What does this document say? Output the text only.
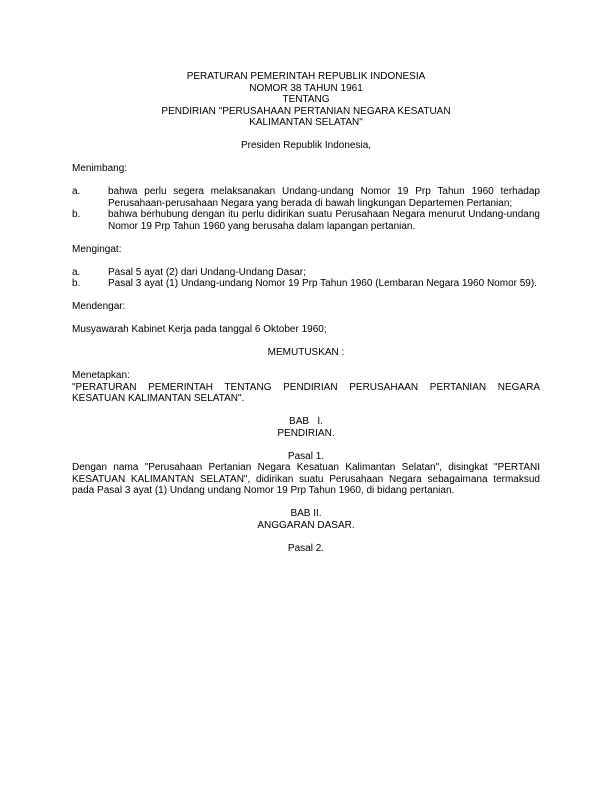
PERATURAN PEMERINTAH REPUBLIK INDONESIA
NOMOR 38 TAHUN 1961
TENTANG
PENDIRIAN "PERUSAHAAN PERTANIAN NEGARA KESATUAN
KALIMANTAN SELATAN"
Presiden Republik Indonesia,
Menimbang:
a.	bahwa perlu segera melaksanakan Undang-undang Nomor 19 Prp Tahun 1960 terhadap Perusahaan-perusahaan Negara yang berada di bawah lingkungan Departemen Pertanian;
b.	bahwa berhubung dengan itu perlu didirikan suatu Perusahaan Negara menurut Undang-undang Nomor 19 Prp Tahun 1960 yang berusaha dalam lapangan pertanian.
Mengingat:
a.	Pasal 5 ayat (2) dari Undang-Undang Dasar;
b.	Pasal 3 ayat (1) Undang-undang Nomor 19 Prp Tahun 1960 (Lembaran Negara 1960 Nomor 59).
Mendengar:
Musyawarah Kabinet Kerja pada tanggal 6 Oktober 1960;
MEMUTUSKAN :
Menetapkan:
"PERATURAN PEMERINTAH TENTANG PENDIRIAN PERUSAHAAN PERTANIAN NEGARA KESATUAN KALIMANTAN SELATAN".
BAB   I.
PENDIRIAN.
Pasal 1.
Dengan nama "Perusahaan Pertanian Negara Kesatuan Kalimantan Selatan", disingkat "PERTANI KESATUAN KALIMANTAN SELATAN", didirikan suatu Perusahaan Negara sebagaimana termaksud pada Pasal 3 ayat (1) Undang undang Nomor 19 Prp Tahun 1960, di bidang pertanian.
BAB II.
ANGGARAN DASAR.
Pasal 2.
